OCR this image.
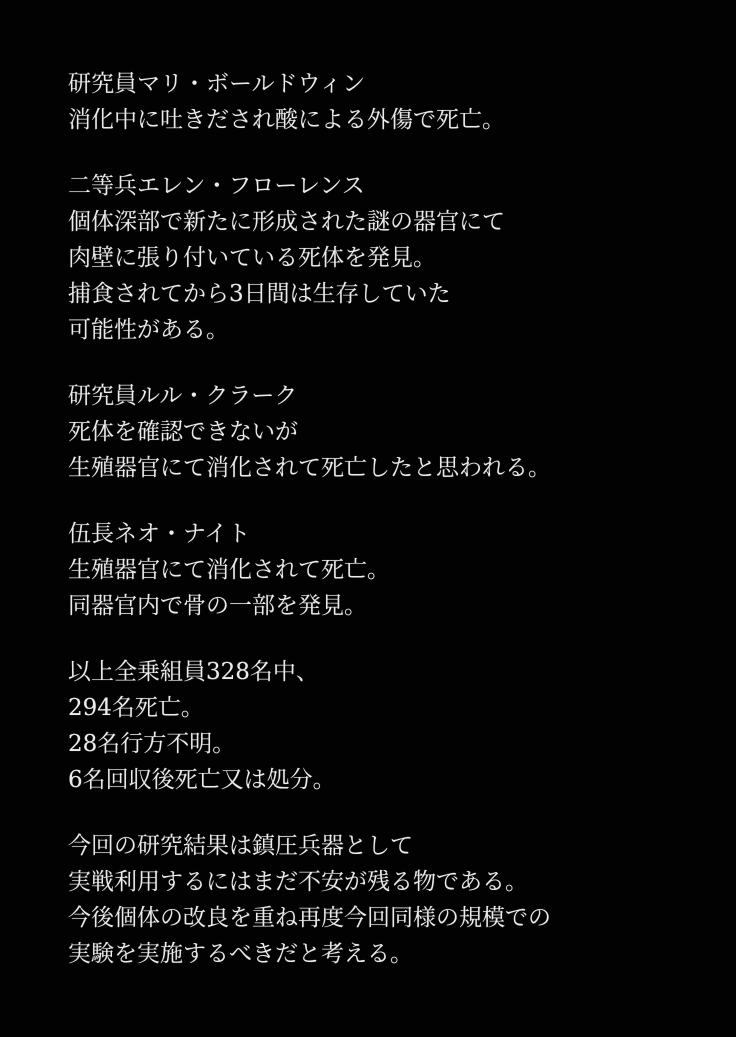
研究員マリ・ボールドウィン
消化中に吐きだされ酸による外傷で死亡。
二等兵エレン・フローレンス
個体深部で新たに形成された謎の器官にて
肉壁に張り付いている死体を発見。
捕食されてから3日間は生存していた
可能性がある。
研究員ルル・クラーク
死体を確認できないが
生殖器官にて消化されて死亡したと思われる。
伍長ネオ・ナイト
生殖器官にて消化されて死亡。
同器官内で骨の一部を発見。
以上全乗組員328名中、
294名死亡。
28名行方不明。
6名回収後死亡又は処分。
今回の研究結果は鎮圧兵器として
実戦利用するにはまだ不安が残る物である。
今後個体の改良を重ね再度今回同様の規模での
実験を実施するべきだと考える。
